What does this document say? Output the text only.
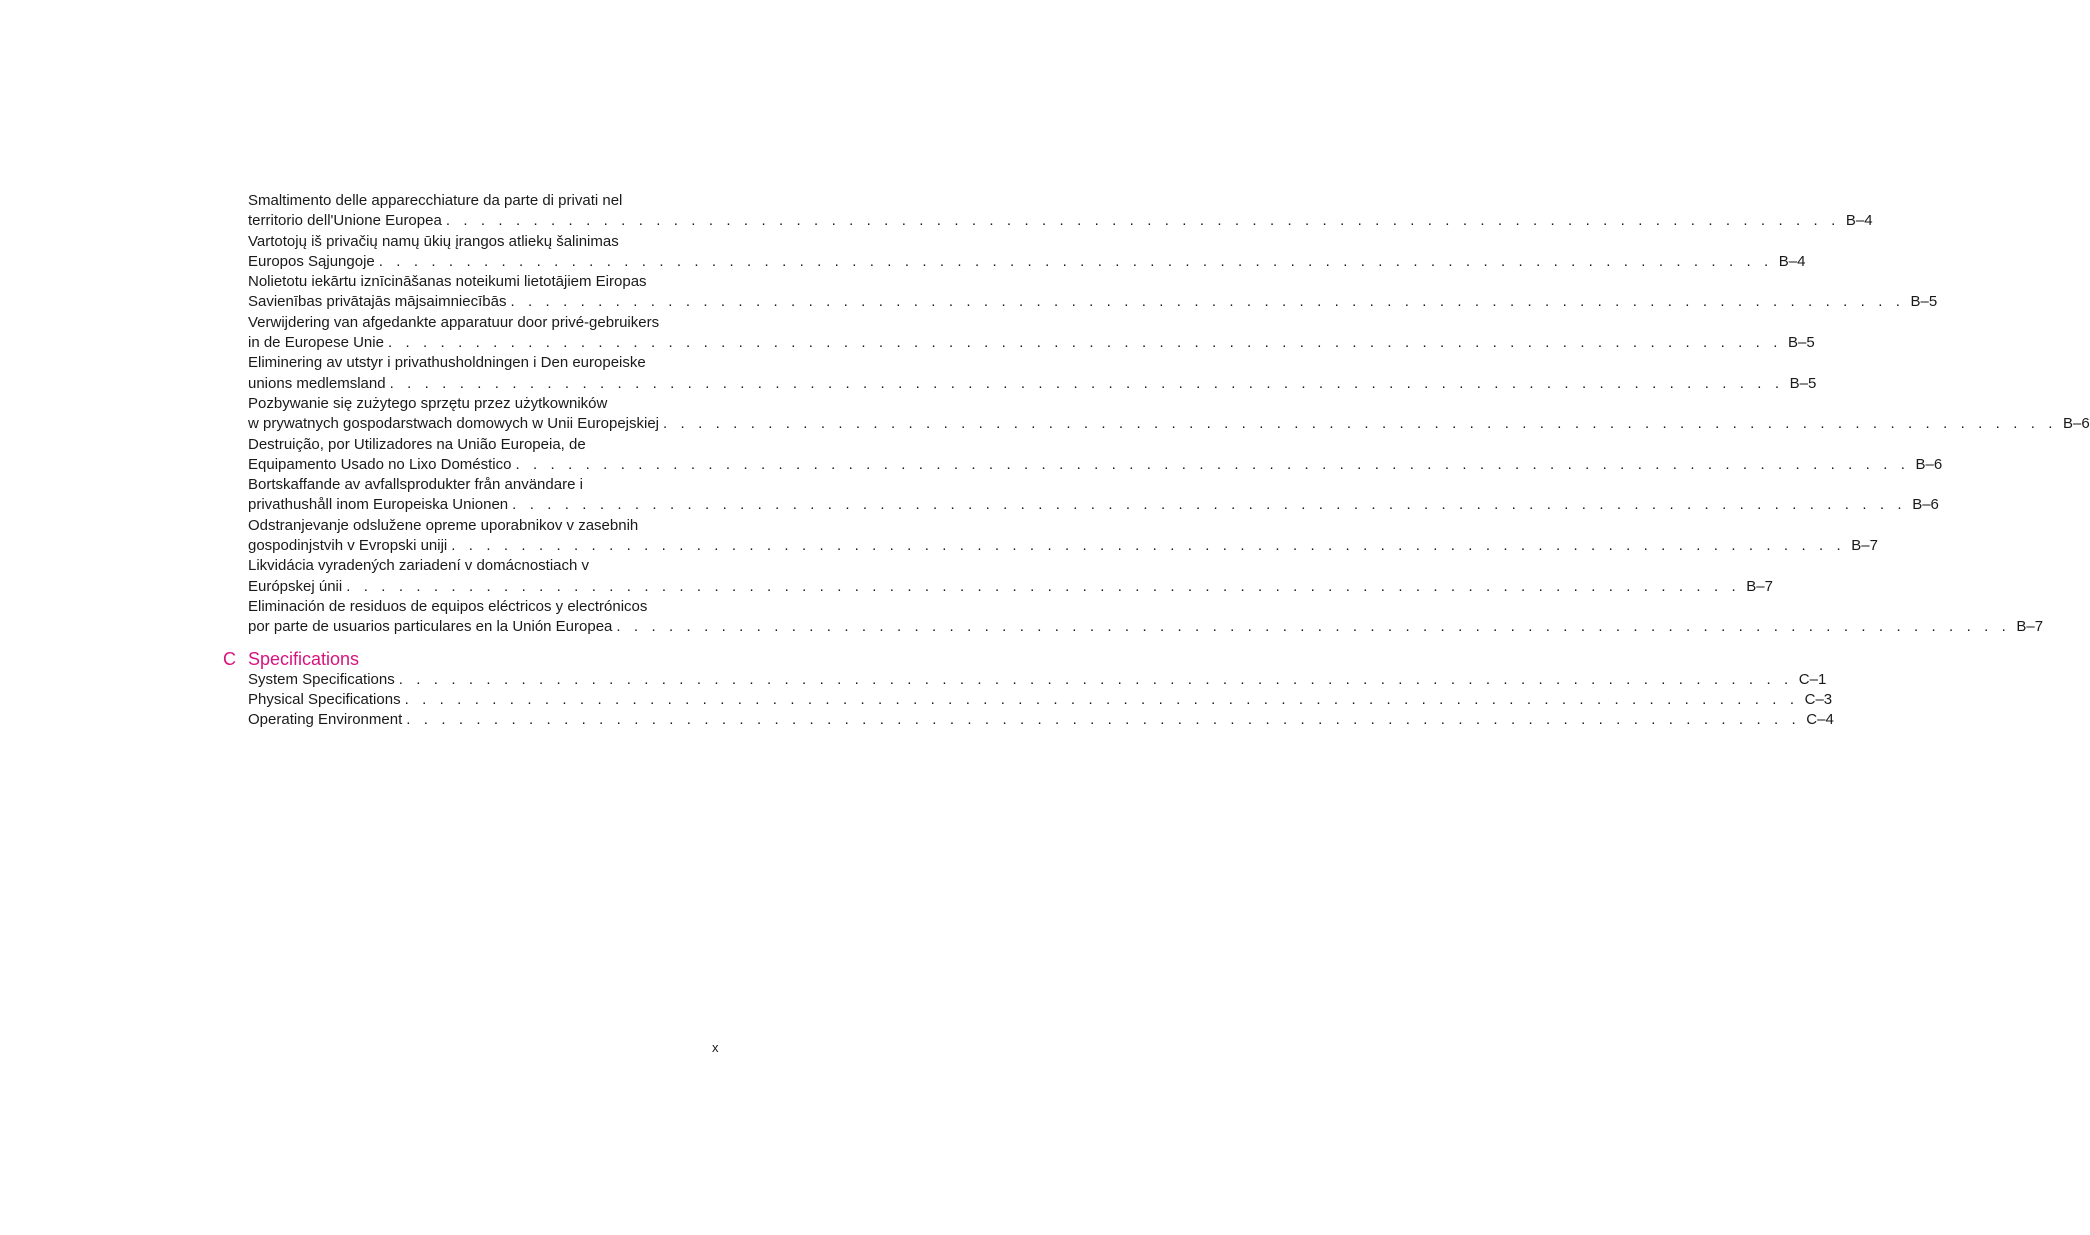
Smaltimento delle apparecchiature da parte di privati nel
territorio dell'Unione Europea . . . . . . . . . . . . . . . . . . . . . . . . . . . . . . . . . . . . . . . . . . . . . . . . . . . . . . . . . . . . . . . . . . . . . . . . . . . . . . . . B–4
Vartotojų iš privačių namų ūkių įrangos atliekų šalinimas
Europos Sąjungoje . . . . . . . . . . . . . . . . . . . . . . . . . . . . . . . . . . . . . . . . . . . . . . . . . . . . . . . . . . . . . . . . . . . . . . . . . . . . . . . . B–4
Nolietotu iekārtu iznīcināšanas noteikumi lietotājiem Eiropas
Savienības privātajās mājsaimniecībās . . . . . . . . . . . . . . . . . . . . . . . . . . . . . . . . . . . . . . . . . . . . . . . . . . . . . . . . . . . . . . . . . . . . . . . . . . . . . . . . B–5
Verwijdering van afgedankte apparatuur door privé-gebruikers
in de Europese Unie . . . . . . . . . . . . . . . . . . . . . . . . . . . . . . . . . . . . . . . . . . . . . . . . . . . . . . . . . . . . . . . . . . . . . . . . . . . . . . . . B–5
Eliminering av utstyr i privathusholdningen i Den europeiske
unions medlemsland . . . . . . . . . . . . . . . . . . . . . . . . . . . . . . . . . . . . . . . . . . . . . . . . . . . . . . . . . . . . . . . . . . . . . . . . . . . . . . . . B–5
Pozbywanie się zużytego sprzętu przez użytkowników
w prywatnych gospodarstwach domowych w Unii Europejskiej . . . . . . . . . . . . . . . . . . . . . . . . . . . . . . . . . . . . . . . . . . . . . . . . . . . . . . . . . . . . . . . . . . . . . . . . . . . . . . . . B–6
Destruição, por Utilizadores na União Europeia, de
Equipamento Usado no Lixo Doméstico . . . . . . . . . . . . . . . . . . . . . . . . . . . . . . . . . . . . . . . . . . . . . . . . . . . . . . . . . . . . . . . . . . . . . . . . . . . . . . . . B–6
Bortskaffande av avfallsprodukter från användare i
privathushåll inom Europeiska Unionen . . . . . . . . . . . . . . . . . . . . . . . . . . . . . . . . . . . . . . . . . . . . . . . . . . . . . . . . . . . . . . . . . . . . . . . . . . . . . . . . B–6
Odstranjevanje odslužene opreme uporabnikov v zasebnih
gospodinjstvih v Evropski uniji . . . . . . . . . . . . . . . . . . . . . . . . . . . . . . . . . . . . . . . . . . . . . . . . . . . . . . . . . . . . . . . . . . . . . . . . . . . . . . . . B–7
Likvidácia vyradených zariadení v domácnostiach v
Európskej únii . . . . . . . . . . . . . . . . . . . . . . . . . . . . . . . . . . . . . . . . . . . . . . . . . . . . . . . . . . . . . . . . . . . . . . . . . . . . . . . . B–7
Eliminación de residuos de equipos eléctricos y electrónicos
por parte de usuarios particulares en la Unión Europea . . . . . . . . . . . . . . . . . . . . . . . . . . . . . . . . . . . . . . . . . . . . . . . . . . . . . . . . . . . . . . . . . . . . . . . . . . . . . . . . B–7
C Specifications
System Specifications . . . . . . . . . . . . . . . . . . . . . . . . . . . . . . . . . . . . . . . . . . . . . . . . . . . . . . . . . . . . . . . . . . . . . . . . . . . . . . . . C–1
Physical Specifications . . . . . . . . . . . . . . . . . . . . . . . . . . . . . . . . . . . . . . . . . . . . . . . . . . . . . . . . . . . . . . . . . . . . . . . . . . . . . . . . C–3
Operating Environment . . . . . . . . . . . . . . . . . . . . . . . . . . . . . . . . . . . . . . . . . . . . . . . . . . . . . . . . . . . . . . . . . . . . . . . . . . . . . . . . C–4
x
